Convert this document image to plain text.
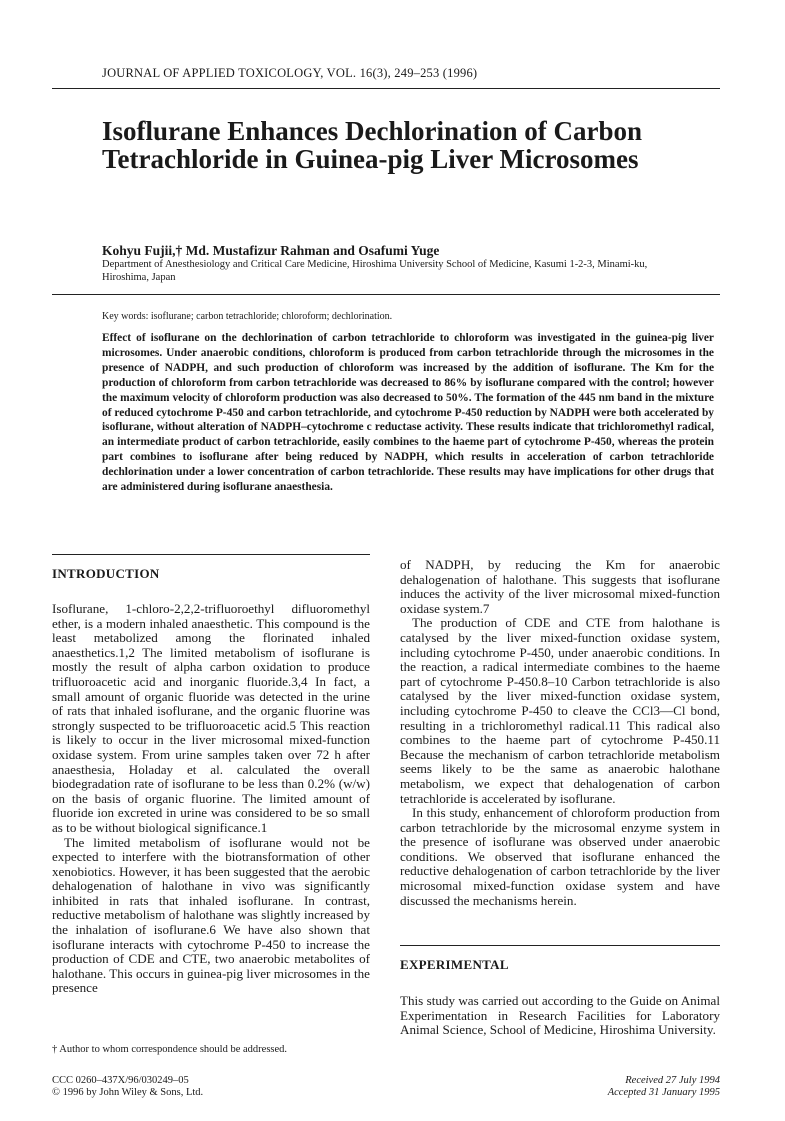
JOURNAL OF APPLIED TOXICOLOGY, VOL. 16(3), 249–253 (1996)
Isoflurane Enhances Dechlorination of Carbon Tetrachloride in Guinea-pig Liver Microsomes
Kohyu Fujii,† Md. Mustafizur Rahman and Osafumi Yuge
Department of Anesthesiology and Critical Care Medicine, Hiroshima University School of Medicine, Kasumi 1-2-3, Minami-ku, Hiroshima, Japan
Key words: isoflurane; carbon tetrachloride; chloroform; dechlorination.
Effect of isoflurane on the dechlorination of carbon tetrachloride to chloroform was investigated in the guinea-pig liver microsomes. Under anaerobic conditions, chloroform is produced from carbon tetrachloride through the microsomes in the presence of NADPH, and such production of chloroform was increased by the addition of isoflurane. The Km for the production of chloroform from carbon tetrachloride was decreased to 86% by isoflurane compared with the control; however the maximum velocity of chloroform production was also decreased to 50%. The formation of the 445 nm band in the mixture of reduced cytochrome P-450 and carbon tetrachloride, and cytochrome P-450 reduction by NADPH were both accelerated by isoflurane, without alteration of NADPH–cytochrome c reductase activity. These results indicate that trichloromethyl radical, an intermediate product of carbon tetrachloride, easily combines to the haeme part of cytochrome P-450, whereas the protein part combines to isoflurane after being reduced by NADPH, which results in acceleration of carbon tetrachloride dechlorination under a lower concentration of carbon tetrachloride. These results may have implications for other drugs that are administered during isoflurane anaesthesia.
INTRODUCTION

Isoflurane, 1-chloro-2,2,2-trifluoroethyl difluoromethyl ether, is a modern inhaled anaesthetic. This compound is the least metabolized among the florinated inhaled anaesthetics.1,2 The limited metabolism of isoflurane is mostly the result of alpha carbon oxidation to produce trifluoroacetic acid and inorganic fluoride.3,4 In fact, a small amount of organic fluoride was detected in the urine of rats that inhaled isoflurane, and the organic fluorine was strongly suspected to be trifluoroacetic acid.5 This reaction is likely to occur in the liver microsomal mixed-function oxidase system. From urine samples taken over 72 h after anaesthesia, Holaday et al. calculated the overall biodegradation rate of isoflurane to be less than 0.2% (w/w) on the basis of organic fluorine. The limited amount of fluoride ion excreted in urine was considered to be so small as to be without biological significance.1

The limited metabolism of isoflurane would not be expected to interfere with the biotransformation of other xenobiotics. However, it has been suggested that the aerobic dehalogenation of halothane in vivo was significantly inhibited in rats that inhaled isoflurane. In contrast, reductive metabolism of halothane was slightly increased by the inhalation of isoflurane.6 We have also shown that isoflurane interacts with cytochrome P-450 to increase the production of CDE and CTE, two anaerobic metabolites of halothane. This occurs in guinea-pig liver microsomes in the presence

of NADPH, by reducing the Km for anaerobic dehalogenation of halothane. This suggests that isoflurane induces the activity of the liver microsomal mixed-function oxidase system.7

The production of CDE and CTE from halothane is catalysed by the liver mixed-function oxidase system, including cytochrome P-450, under anaerobic conditions. In the reaction, a radical intermediate combines to the haeme part of cytochrome P-450.8–10 Carbon tetrachloride is also catalysed by the liver mixed-function oxidase system, including cytochrome P-450 to cleave the CCl3—Cl bond, resulting in a trichloromethyl radical.11 This radical also combines to the haeme part of cytochrome P-450.11 Because the mechanism of carbon tetrachloride metabolism seems likely to be the same as anaerobic halothane metabolism, we expect that dehalogenation of carbon tetrachloride is accelerated by isoflurane.

In this study, enhancement of chloroform production from carbon tetrachloride by the microsomal enzyme system in the presence of isoflurane was observed under anaerobic conditions. We observed that isoflurane enhanced the reductive dehalogenation of carbon tetrachloride by the liver microsomal mixed-function oxidase system and have discussed the mechanisms herein.

EXPERIMENTAL

This study was carried out according to the Guide on Animal Experimentation in Research Facilities for Laboratory Animal Science, School of Medicine, Hiroshima University.

† Author to whom correspondence should be addressed.
CCC 0260–437X/96/030249–05
© 1996 by John Wiley & Sons, Ltd.
Received 27 July 1994
Accepted 31 January 1995
